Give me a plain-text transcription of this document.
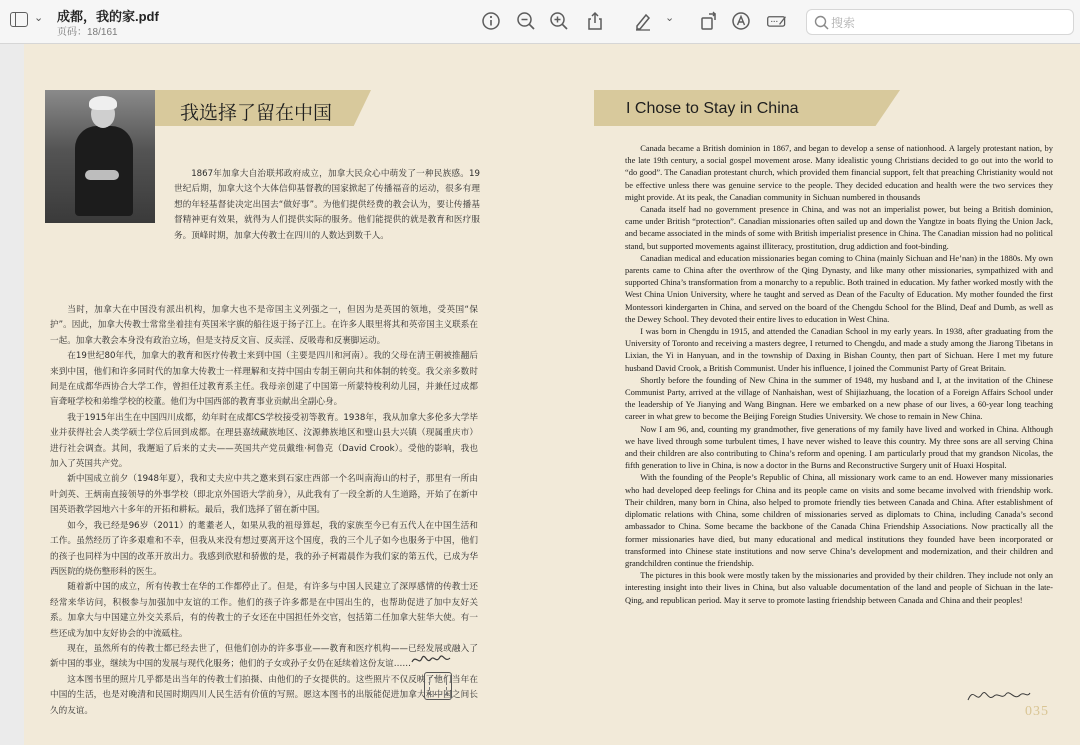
⌄ 成都，我的家.pdf
页码：18/161
⌄
搜索
我选择了留在中国	I Chose to Stay in China

1867年加拿大自治联邦政府成立，加拿大民众心中萌发了一种民族感。19世纪后期，加拿大这个大体信仰基督教的国家掀起了传播福音的运动，很多有理想的年轻基督徒决定出国去“做好事”。为他们提供经费的教会认为，要让传播基督精神更有效果，就得为人们提供实际的服务。他们能提供的就是教育和医疗服务。顶峰时期，加拿大传教士在四川的人数达到数千人。

当时，加拿大在中国没有派出机构，加拿大也不是帝国主义列强之一，但因为是英国的领地，受英国“保护”。因此，加拿大传教士常常坐着挂有英国米字旗的船往返于扬子江上。在许多人眼里将其和英帝国主义联系在一起。加拿大教会本身没有政治立场，但是支持反文盲、反卖淫、反吸毒和反裹脚运动。

在19世纪80年代，加拿大的教育和医疗传教士来到中国（主要是四川和河南）。我的父母在清王朝被推翻后来到中国，他们和许多同时代的加拿大传教士一样理解和支持中国由专制王朝向共和体制的转变。我父亲多数时间是在成都华西协合大学工作，曾担任过教育系主任。我母亲创建了中国第一所蒙特梭利幼儿园，并兼任过成都盲聋哑学校和弟维学校的校董。他们为中国西部的教育事业贡献出全副心身。

我于1915年出生在中国四川成都，幼年时在成都CS学校接受初等教育。1938年，我从加拿大多伦多大学毕业并获得社会人类学硕士学位后回到成都。在理县嘉绒藏族地区、汶源彝族地区和璧山县大兴镇（现属重庆市）进行社会调查。其间，我邂逅了后来的丈夫——英国共产党员戴维·柯鲁克（David Crook）。受他的影响，我也加入了英国共产党。

新中国成立前夕（1948年夏），我和丈夫应中共之邀来到石家庄西部一个名叫南海山的村子，那里有一所由叶剑英、王炳南直接领导的外事学校（即北京外国语大学前身），从此我有了一段全新的人生道路，开始了在新中国英语教学园地六十多年的开拓和耕耘。最后，我们选择了留在新中国。

如今，我已经是96岁（2011）的耄耋老人，如果从我的祖母算起，我的家族至今已有五代人在中国生活和工作。虽然经历了许多艰难和不幸，但我从来没有想过要离开这个国度，我的三个儿子如今也服务于中国，他们的孩子也同样为中国的改革开放出力。我感到欣慰和骄傲的是，我的孙子柯霜晨作为我们家的第五代，已成为华西医院的烧伤整形科的医生。

随着新中国的成立，所有传教士在华的工作都停止了。但是，有许多与中国人民建立了深厚感情的传教士还经常来华访问，积极参与加强加中友谊的工作。他们的孩子许多都是在中国出生的，也帮助促进了加中友好关系。加拿大与中国建立外交关系后，有的传教士的子女还在中国担任外交官，包括第二任加拿大驻华大使。有一些还成为加中友好协会的中流砥柱。

现在，虽然所有的传教士都已经去世了，但他们创办的许多事业——教育和医疗机构——已经发展或融入了新中国的事业，继续为中国的发展与现代化服务；他们的子女或孙子女仍在延续着这份友谊……

这本图书里的照片几乎都是出当年的传教士们拍摄、由他们的子女提供的。这些照片不仅反映了他们当年在中国的生活，也是对晚清和民国时期四川人民生活有价值的写照。愿这本图书的出版能促进加拿大和中国之间长久的友谊。

Canada became a British dominion in 1867, and began to develop a sense of nationhood. A largely protestant nation, by the late 19th century, a social gospel movement arose. Many idealistic young Christians decided to go out into the world to “do good”. The Canadian protestant church, which provided them financial support, felt that preaching Christianity would not be effective unless there was genuine service to the people. They decided education and health were the two services they might provide. At its peak, the Canadian community in Sichuan numbered in thousands

Canada itself had no government presence in China, and was not an imperialist power, but being a British dominion, came under British “protection”. Canadian missionaries often sailed up and down the Yangtze in boats flying the Union Jack, and became associated in the minds of some with British imperialist presence in China. The Canadian mission had no political stand, but supported movements against illiteracy, prostitution, drug addiction and foot-binding.

Canadian medical and education missionaries began coming to China (mainly Sichuan and He’nan) in the 1880s. My own parents came to China after the overthrow of the Qing Dynasty, and like many other missionaries, sympathized with and supported China’s transformation from a monarchy to a republic. Both trained in education. My father worked mostly with the West China Union University, where he taught and served as Dean of the Faculty of Education. My mother founded the first Montessori kindergarten in China, and served on the board of the Chengdu School for the Blind, Deaf and Dumb, as well as the Dewey School. They devoted their entire lives to education in West China.

I was born in Chengdu in 1915, and attended the Canadian School in my early years. In 1938, after graduating from the University of Toronto and receiving a masters degree, I returned to Chengdu, and made a study among the Jiarong Tibetans in Lixian, the Yi in Hanyuan, and in the township of Daxing in Bishan County, then part of Sichuan. Here I met my future husband David Crook, a British Communist. Under his influence, I joined the Communist Party of Great Britain.

Shortly before the founding of New China in the summer of 1948, my husband and I, at the invitation of the Chinese Communist Party, arrived at the village of Nanhaishan, west of Shijiazhuang, the location of a Foreign Affairs School under the leadership of Ye Jianying and Wang Bingnan. Here we embarked on a new phase of our lives, a 60-year long teaching career in what grew to become the Beijing Foreign Studies University. We chose to remain in New China.

Now I am 96, and, counting my grandmother, five generations of my family have lived and worked in China. Although we have lived through some turbulent times, I have never wished to leave this country. My three sons are all serving China and their children are also contributing to China’s reform and opening. I am particularly proud that my grandson Nicolas, the fifth generation to live in China, is now a doctor in the Burns and Reconstructive Surgery unit of Huaxi Hospital.

With the founding of the People’s Republic of China, all missionary work came to an end. However many missionaries who had developed deep feelings for China and its people came on visits and some became involved with friendship work. Their children, many born in China, also helped to promote friendly ties between Canada and China. After establishment of diplomatic relations with China, some children of missionaries served as diplomats to China, including Canada’s second ambassador to China. Some became the backbone of the Canada China Friendship Associations. Now practically all the former missionaries have died, but many educational and medical institutions they founded have been incorporated or transformed into Chinese state institutions and now serve China’s development and modernization, and their children and grandchildren continue the friendship.

The pictures in this book were mostly taken by the missionaries and provided by their children. They include not only an interesting insight into their lives in China, but also valuable documentation of the land and people of Sichuan in the late-Qing, and republican period. May it serve to promote lasting friendship between Canada and China and their peoples!

035
